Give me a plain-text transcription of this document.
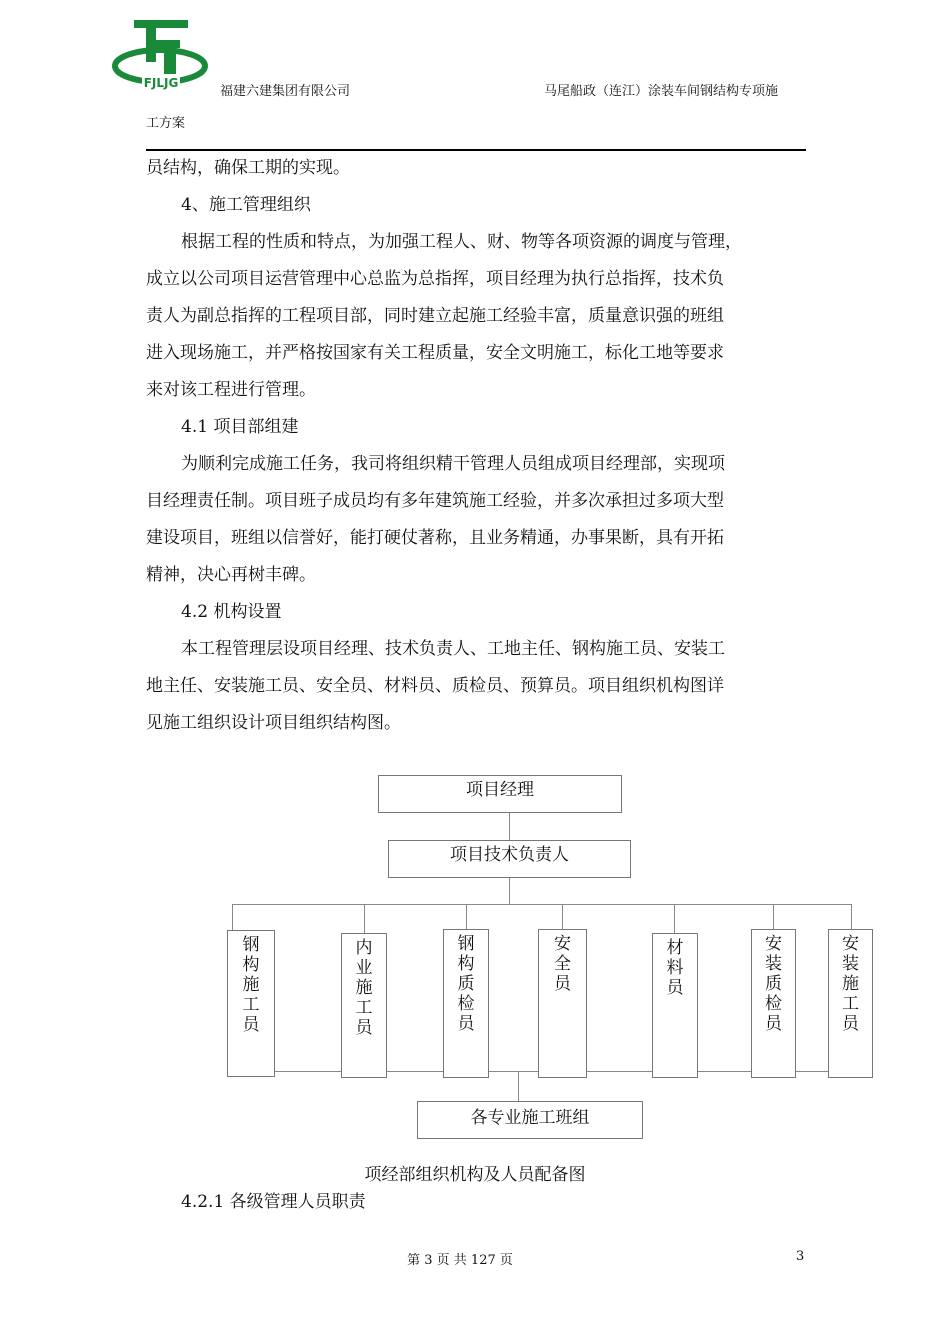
FJLJG
福建六建集团有限公司	马尾船政（连江）涂装车间钢结构专项施
工方案
员结构，确保工期的实现。
4、施工管理组织
根据工程的性质和特点，为加强工程人、财、物等各项资源的调度与管理，
成立以公司项目运营管理中心总监为总指挥，项目经理为执行总指挥，技术负
责人为副总指挥的工程项目部，同时建立起施工经验丰富，质量意识强的班组
进入现场施工，并严格按国家有关工程质量，安全文明施工，标化工地等要求
来对该工程进行管理。
4.1 项目部组建
为顺利完成施工任务，我司将组织精干管理人员组成项目经理部，实现项
目经理责任制。项目班子成员均有多年建筑施工经验，并多次承担过多项大型
建设项目，班组以信誉好，能打硬仗著称，且业务精通，办事果断，具有开拓
精神，决心再树丰碑。
4.2 机构设置
本工程管理层设项目经理、技术负责人、工地主任、钢构施工员、安装工
地主任、安装施工员、安全员、材料员、质检员、预算员。项目组织机构图详
见施工组织设计项目组织结构图。
项目经理
项目技术负责人
钢
构
施
工
员
内
业
施
工
员
钢
构
质
检
员
安
全
员
材
料
员
安
装
质
检
员
安
装
施
工
员
各专业施工班组
项经部组织机构及人员配备图
4.2.1 各级管理人员职责
第 3 页 共 127 页	3
